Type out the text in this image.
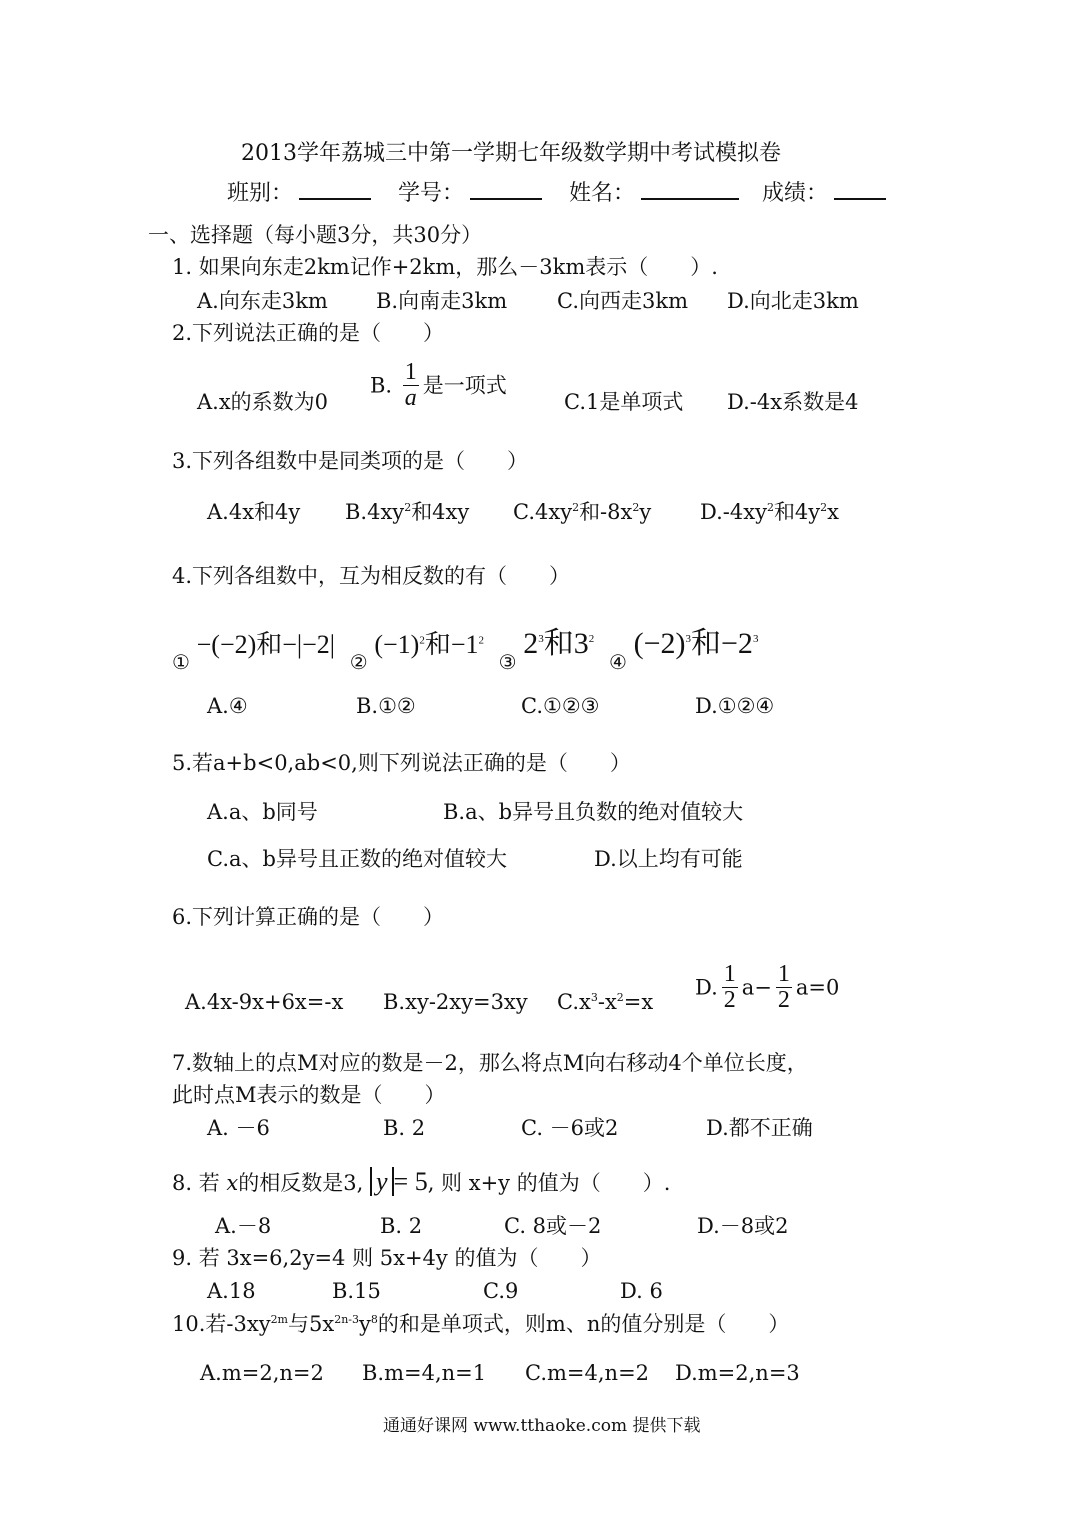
2013学年荔城三中第一学期七年级数学期中考试模拟卷
班别：	学号：	姓名：	成绩：
一、选择题（每小题3分，共30分）
1. 如果向东走2km记作+2km，那么－3km表示（　　）.
A.向东走3km B.向南走3km C.向西走3km D.向北走3km
2.下列说法正确的是（　　）
A.x的系数为0
B. $\frac{1}{a}$ 是一项式
C.1是单项式 D.-4x系数是4
3.下列各组数中是同类项的是（　　）
A.4x和4y $B.4xy^2$和4xy $C.4xy^2$和$-8x^2y$ $D.-4xy^2$和$4y^2x$
4.下列各组数中，互为相反数的有（　　）
① −(−2)和−|−2| ② $(-1)^2$和$-1^2$ ③ $2^3$和$3^2$ ④ $(-2)^3$和$-2^3$
A.④	B.①②	C.①②③	D.①②④
5.若a+b<0,ab<0,则下列说法正确的是（　　）
A.a、b同号	B.a、b异号且负数的绝对值较大
C.a、b异号且正数的绝对值较大	D.以上均有可能
6.下列计算正确的是（　　）
A.4x-9x+6x=-x B.xy-2xy=3xy $C.x^3-x^2=x$
D. $\frac{1}{2} a- \frac{1}{2} a=0$
7.数轴上的点M对应的数是－2，那么将点M向右移动4个单位长度，
此时点M表示的数是（　　）
A. －6	B. 2	C. －6或2	D.都不正确
8. 若 x的相反数是3, y = 5, 则 x+y 的值为（　　）.
A.－8	B. 2	C. 8或－2	D.－8或2
9. 若 3x=6,2y=4 则 5x+4y 的值为（　　）
A.18	B.15	C.9	D. 6
10.若$-3xy^{2m}$与$5x^{2n-3}y^8$的和是单项式，则m、n的值分别是（　　）
A.m=2,n=2 B.m=4,n=1 C.m=4,n=2 D.m=2,n=3
通通好课网 www.tthaoke.com 提供下载
